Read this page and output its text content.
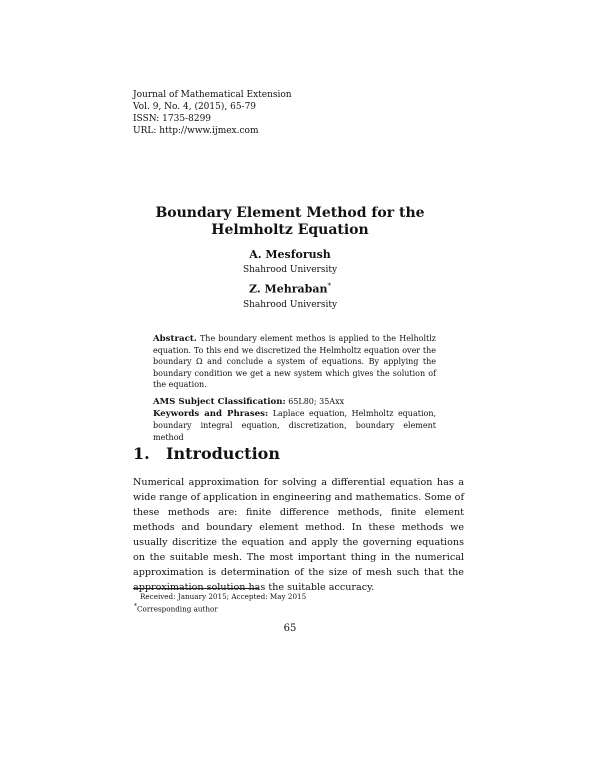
Journal of Mathematical Extension
Vol. 9, No. 4, (2015), 65-79
ISSN: 1735-8299
URL: http://www.ijmex.com
Boundary Element Method for the
Helmholtz Equation
A. Mesforush
Shahrood University
Z. Mehraban*
Shahrood University
Abstract. The boundary element methos is applied to the Helholtlz equation. To this end we discretized the Helmholtz equation over the boundary Ω and conclude a system of equations. By applying the boundary condition we get a new system which gives the solution of the equation.
AMS Subject Classification: 65L80; 35Axx
Keywords and Phrases: Laplace equation, Helmholtz equation, boundary integral equation, discretization, boundary element method
1. Introduction
Numerical approximation for solving a differential equation has a wide range of application in engineering and mathematics. Some of these methods are: finite difference methods, finite element methods and boundary element method. In these methods we usually discritize the equation and apply the governing equations on the suitable mesh. The most important thing in the numerical approximation is determination of the size of mesh such that the approximation solution has the suitable accuracy.
Received: January 2015; Accepted: May 2015
*Corresponding author
65
